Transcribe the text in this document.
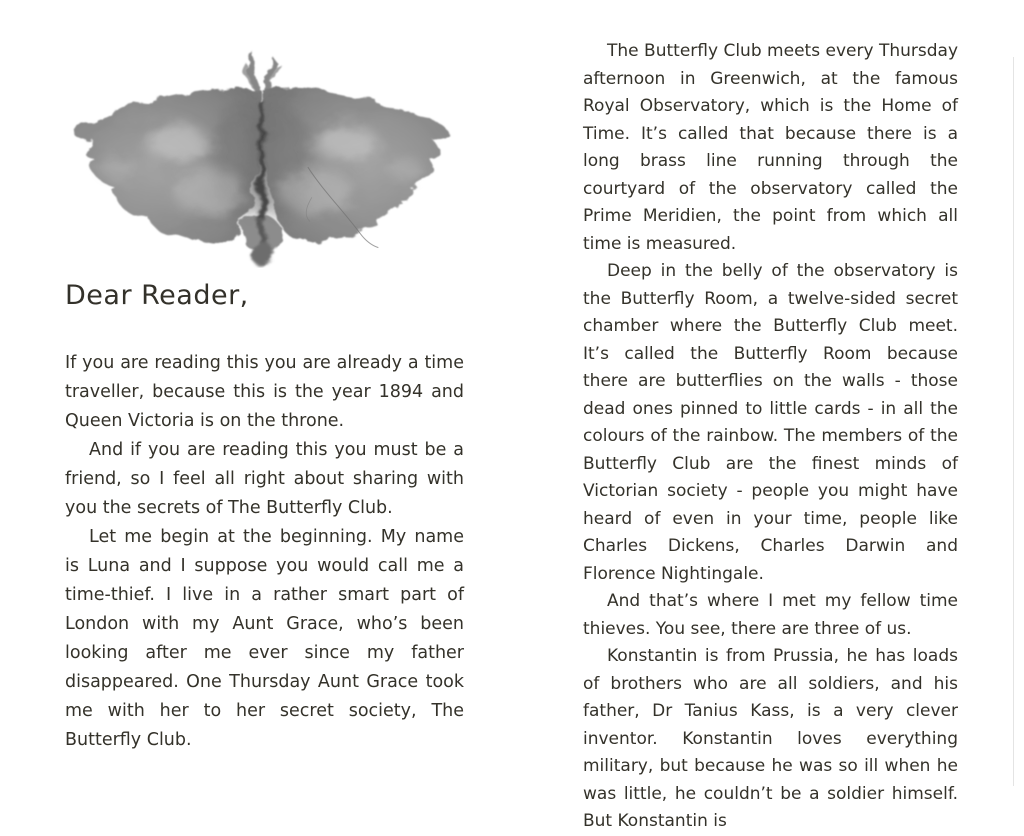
Dear Reader,

If you are reading this you are already a time traveller, because this is the year 1894 and Queen Victoria is on the throne.

And if you are reading this you must be a friend, so I feel all right about sharing with you the secrets of The Butterfly Club.

Let me begin at the beginning. My name is Luna and I suppose you would call me a time-thief. I live in a rather smart part of London with my Aunt Grace, who’s been looking after me ever since my father disappeared. One Thursday Aunt Grace took me with her to her secret society, The Butterfly Club.

The Butterfly Club meets every Thursday afternoon in Greenwich, at the famous Royal Observatory, which is the Home of Time. It’s called that because there is a long brass line running through the courtyard of the observatory called the Prime Meridien, the point from which all time is measured.

Deep in the belly of the observatory is the Butterfly Room, a twelve-sided secret chamber where the Butterfly Club meet. It’s called the Butterfly Room because there are butterflies on the walls - those dead ones pinned to little cards - in all the colours of the rainbow. The members of the Butterfly Club are the finest minds of Victorian society - people you might have heard of even in your time, people like Charles Dickens, Charles Darwin and Florence Nightingale.

And that’s where I met my fellow time thieves. You see, there are three of us.

Konstantin is from Prussia, he has loads of brothers who are all soldiers, and his father, Dr Tanius Kass, is a very clever inventor. Konstantin loves everything military, but because he was so ill when he was little, he couldn’t be a soldier himself. But Konstantin is
